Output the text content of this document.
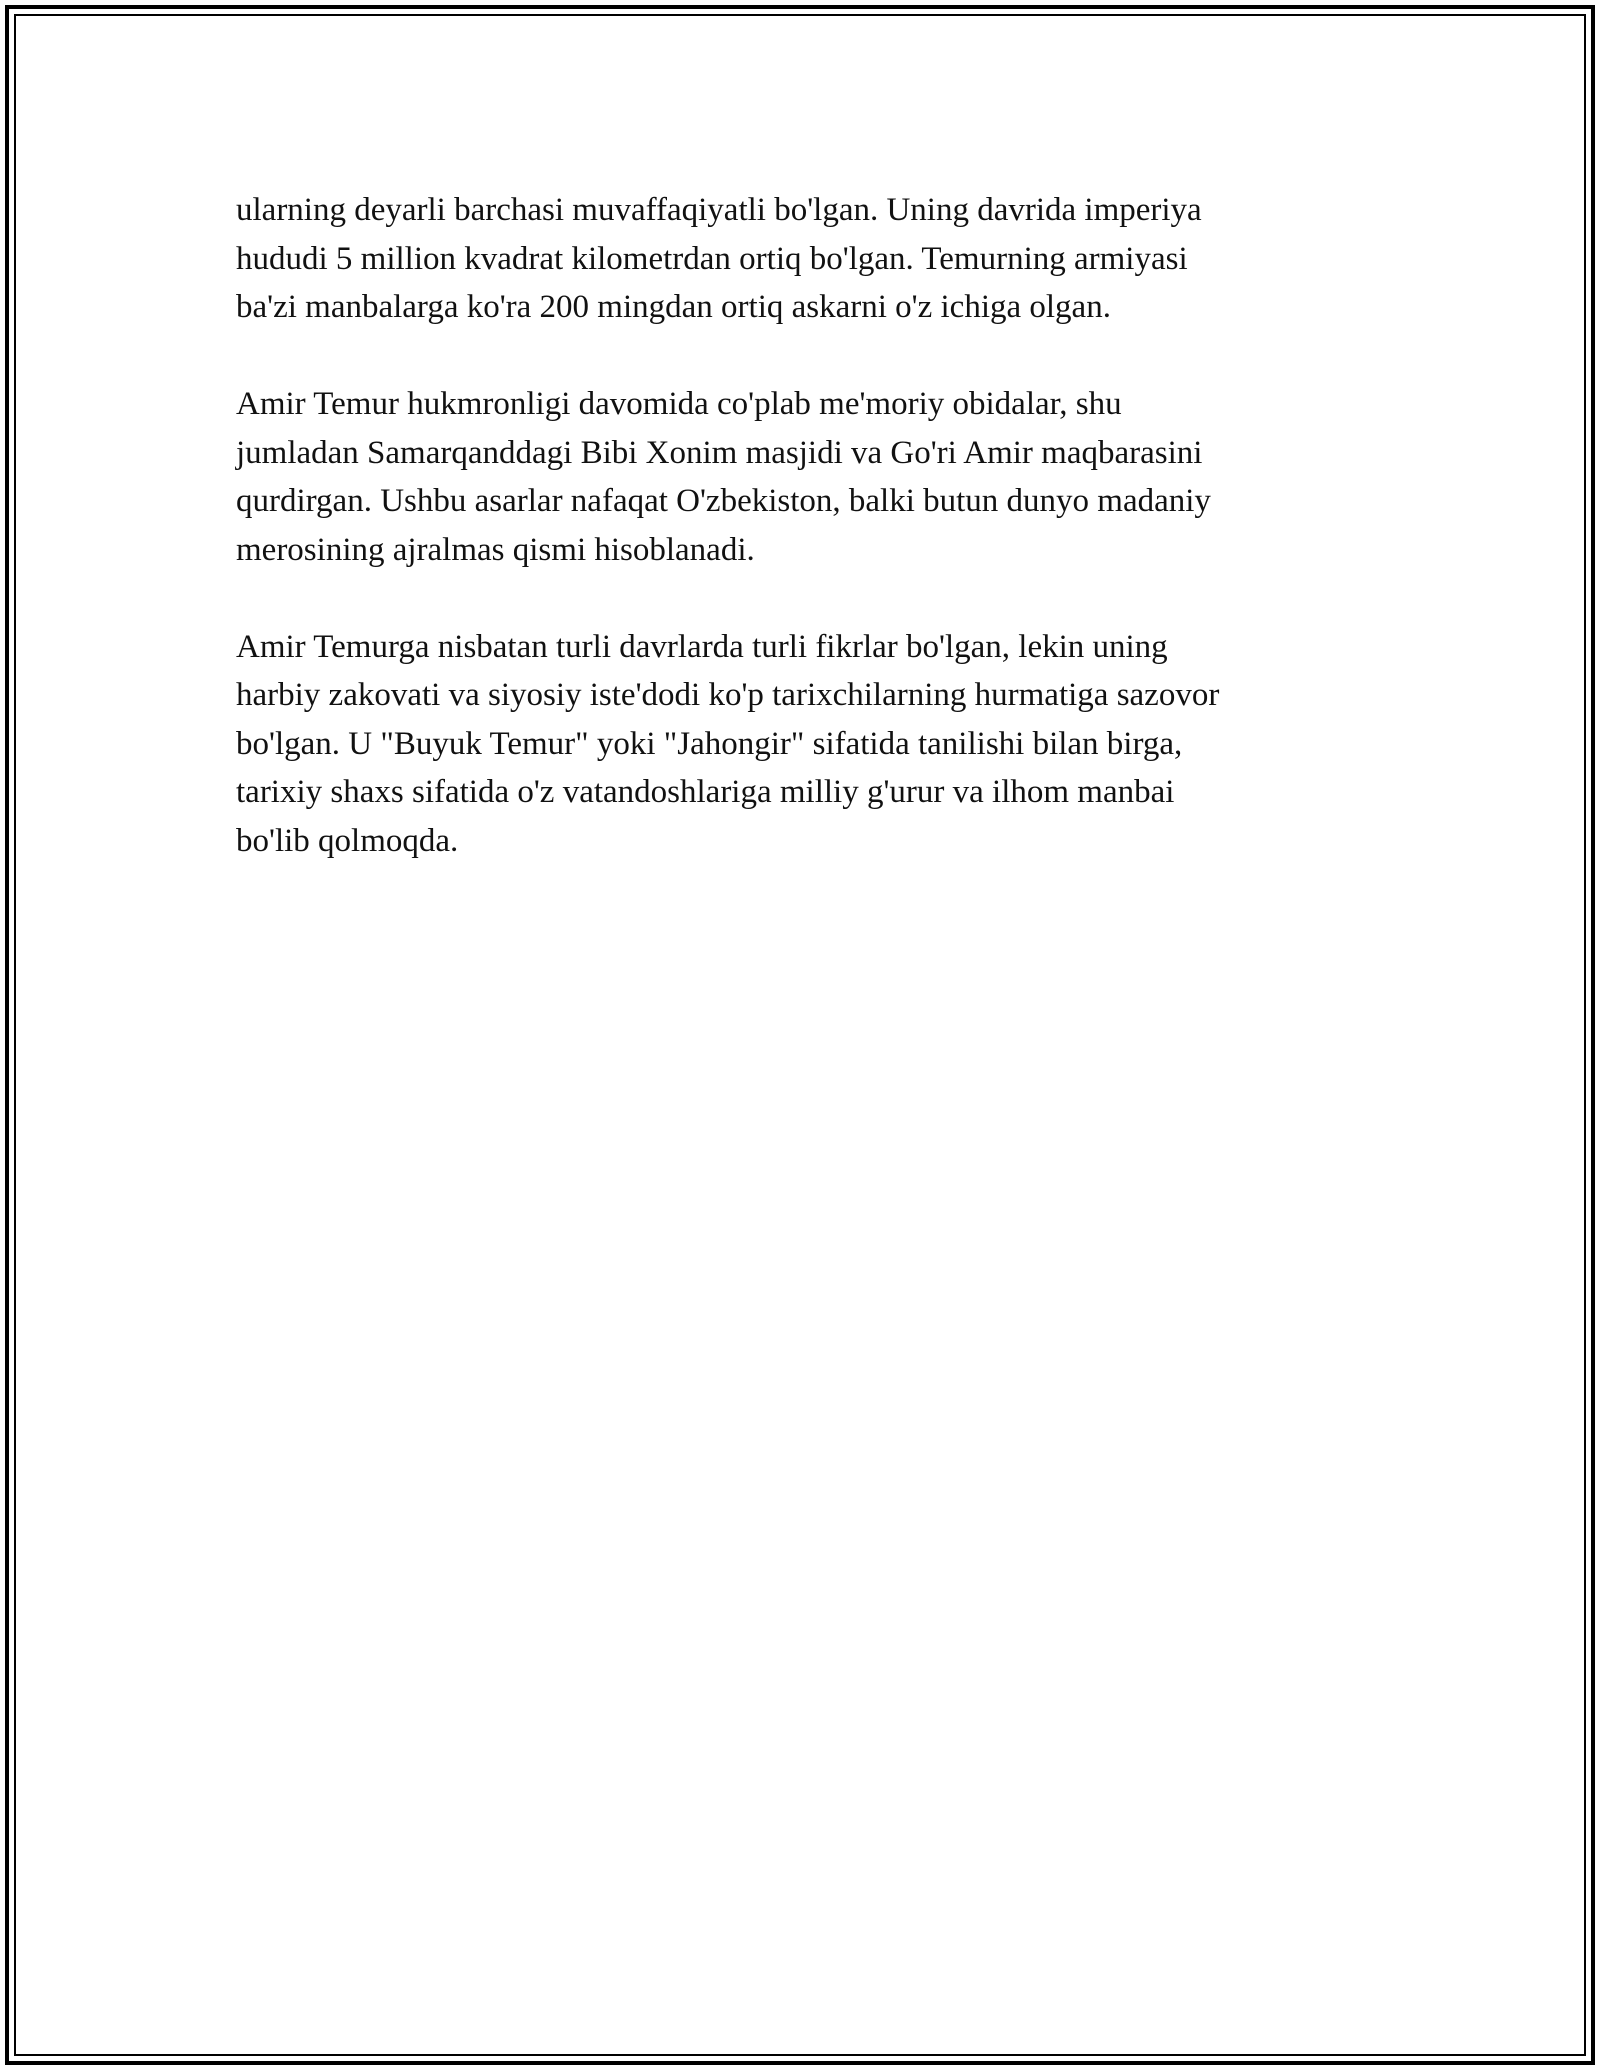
ularning deyarli barchasi muvaffaqiyatli bo'lgan. Uning davrida imperiya
hududi 5 million kvadrat kilometrdan ortiq bo'lgan. Temurning armiyasi
ba'zi manbalarga ko'ra 200 mingdan ortiq askarni o'z ichiga olgan.

Amir Temur hukmronligi davomida co'plab me'moriy obidalar, shu
jumladan Samarqanddagi Bibi Xonim masjidi va Go'ri Amir maqbarasini
qurdirgan. Ushbu asarlar nafaqat O'zbekiston, balki butun dunyo madaniy
merosining ajralmas qismi hisoblanadi.

Amir Temurga nisbatan turli davrlarda turli fikrlar bo'lgan, lekin uning
harbiy zakovati va siyosiy iste'dodi ko'p tarixchilarning hurmatiga sazovor
bo'lgan. U "Buyuk Temur" yoki "Jahongir" sifatida tanilishi bilan birga,
tarixiy shaxs sifatida o'z vatandoshlariga milliy g'urur va ilhom manbai
bo'lib qolmoqda.
